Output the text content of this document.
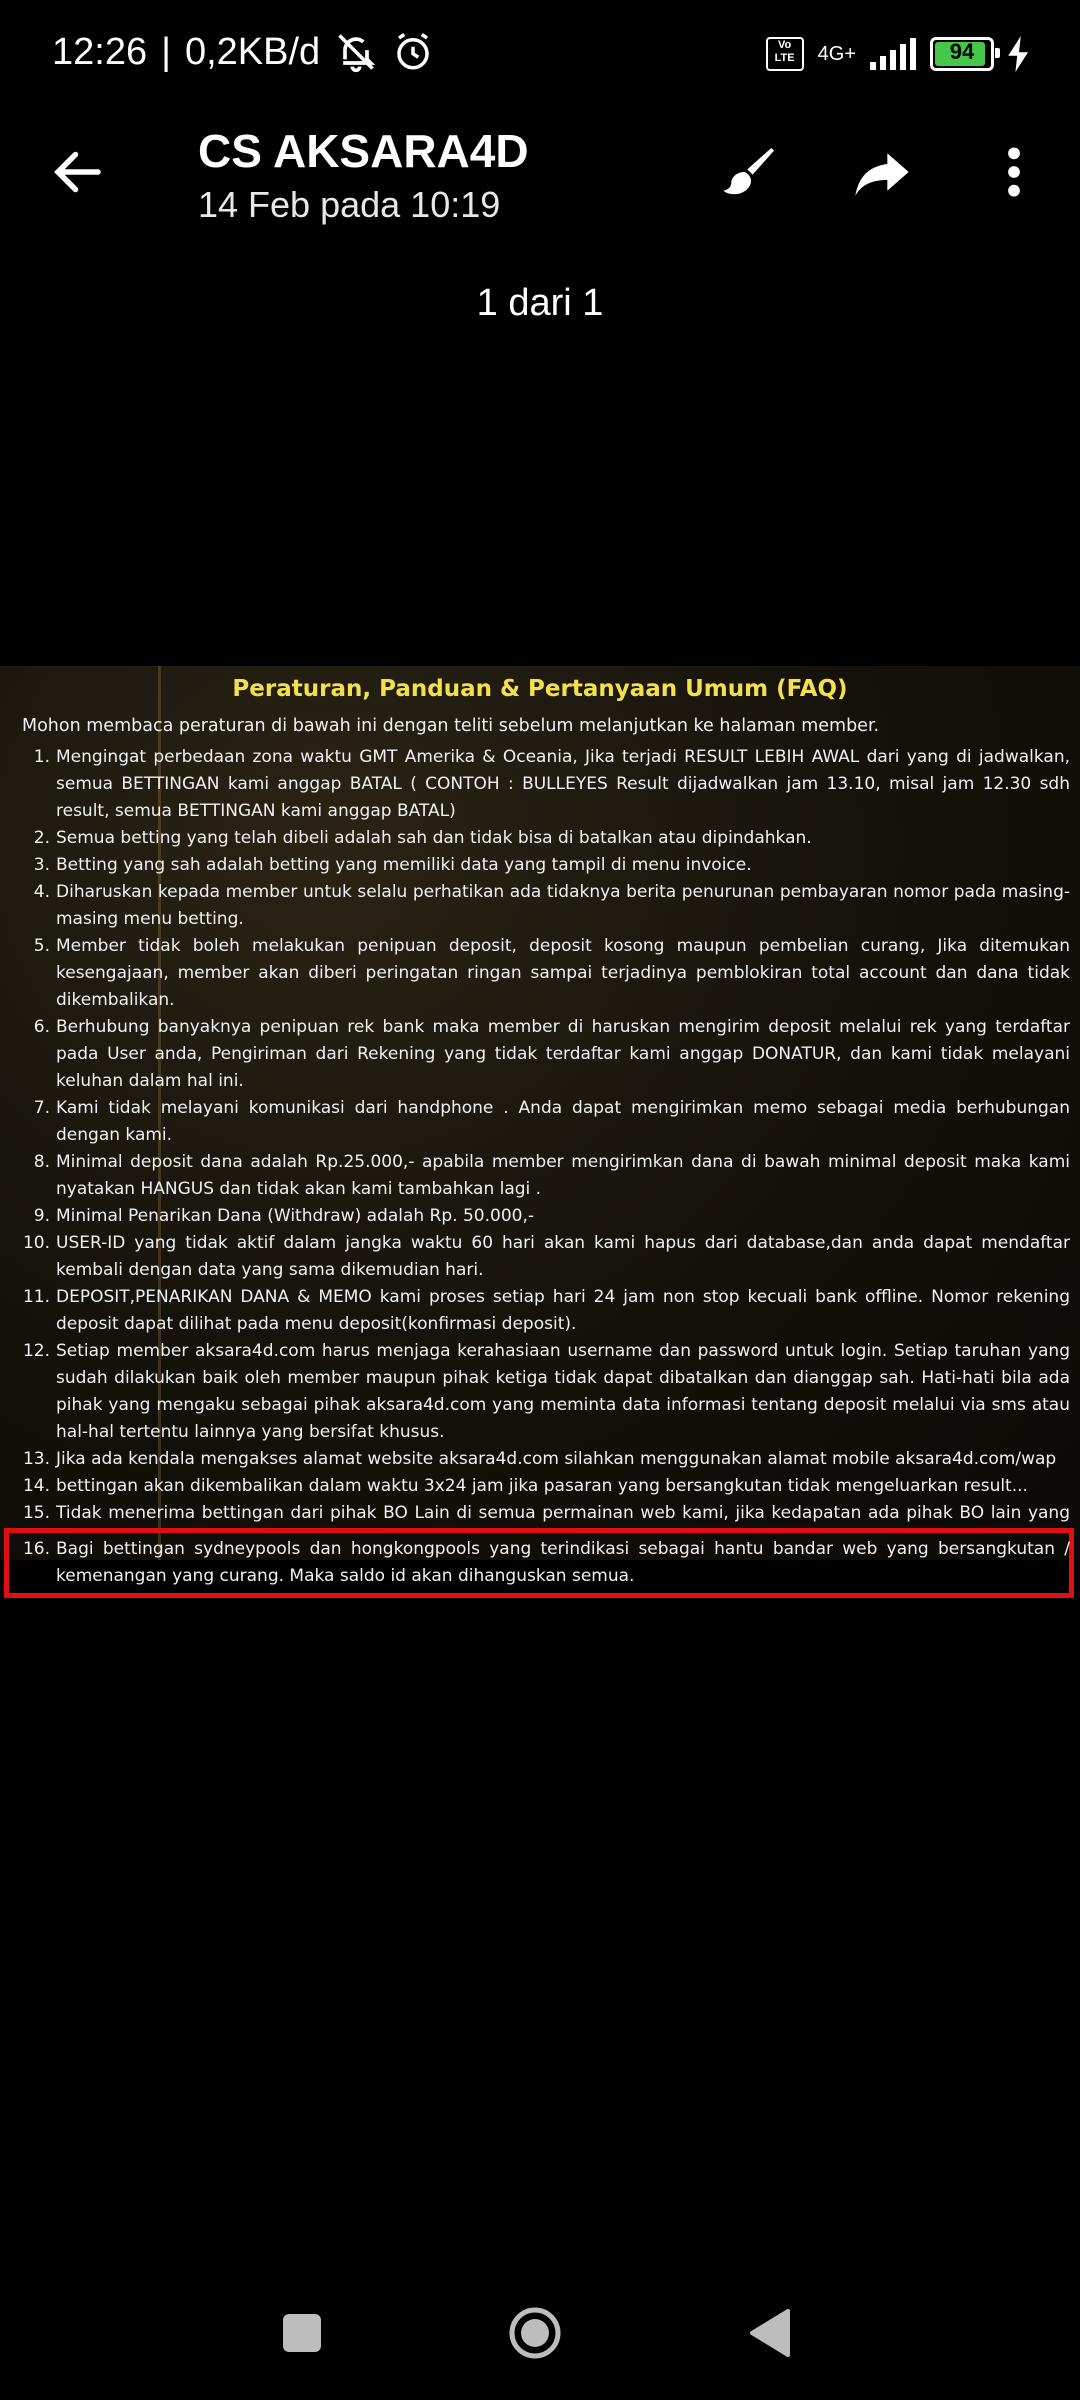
12:26 | 0,2KB/d	Vo LTE	4G+	94
CS AKSARA4D
14 Feb pada 10:19
1 dari 1
Peraturan, Panduan & Pertanyaan Umum (FAQ)
Mohon membaca peraturan di bawah ini dengan teliti sebelum melanjutkan ke halaman member.
1. Mengingat perbedaan zona waktu GMT Amerika & Oceania, Jika terjadi RESULT LEBIH AWAL dari yang di jadwalkan, semua BETTINGAN kami anggap BATAL ( CONTOH : BULLEYES Result dijadwalkan jam 13.10, misal jam 12.30 sdh result, semua BETTINGAN kami anggap BATAL)
2. Semua betting yang telah dibeli adalah sah dan tidak bisa di batalkan atau dipindahkan.
3. Betting yang sah adalah betting yang memiliki data yang tampil di menu invoice.
4. Diharuskan kepada member untuk selalu perhatikan ada tidaknya berita penurunan pembayaran nomor pada masing-masing menu betting.
5. Member tidak boleh melakukan penipuan deposit, deposit kosong maupun pembelian curang, Jika ditemukan kesengajaan, member akan diberi peringatan ringan sampai terjadinya pemblokiran total account dan dana tidak dikembalikan.
6. Berhubung banyaknya penipuan rek bank maka member di haruskan mengirim deposit melalui rek yang terdaftar pada User anda, Pengiriman dari Rekening yang tidak terdaftar kami anggap DONATUR, dan kami tidak melayani keluhan dalam hal ini.
7. Kami tidak melayani komunikasi dari handphone . Anda dapat mengirimkan memo sebagai media berhubungan dengan kami.
8. Minimal deposit dana adalah Rp.25.000,- apabila member mengirimkan dana di bawah minimal deposit maka kami nyatakan HANGUS dan tidak akan kami tambahkan lagi .
9. Minimal Penarikan Dana (Withdraw) adalah Rp. 50.000,-
10. USER-ID yang tidak aktif dalam jangka waktu 60 hari akan kami hapus dari database,dan anda dapat mendaftar kembali dengan data yang sama dikemudian hari.
11. DEPOSIT,PENARIKAN DANA & MEMO kami proses setiap hari 24 jam non stop kecuali bank offline. Nomor rekening deposit dapat dilihat pada menu deposit(konfirmasi deposit).
12. Setiap member aksara4d.com harus menjaga kerahasiaan username dan password untuk login. Setiap taruhan yang sudah dilakukan baik oleh member maupun pihak ketiga tidak dapat dibatalkan dan dianggap sah. Hati-hati bila ada pihak yang mengaku sebagai pihak aksara4d.com yang meminta data informasi tentang deposit melalui via sms atau hal-hal tertentu lainnya yang bersifat khusus.
13. Jika ada kendala mengakses alamat website aksara4d.com silahkan menggunakan alamat mobile aksara4d.com/wap
14. bettingan akan dikembalikan dalam waktu 3x24 jam jika pasaran yang bersangkutan tidak mengeluarkan result...
15. Tidak menerima bettingan dari pihak BO Lain di semua permainan web kami, jika kedapatan ada pihak BO lain yang
16. Bagi bettingan sydneypools dan hongkongpools yang terindikasi sebagai hantu bandar web yang bersangkutan / kemenangan yang curang. Maka saldo id akan dihanguskan semua.
